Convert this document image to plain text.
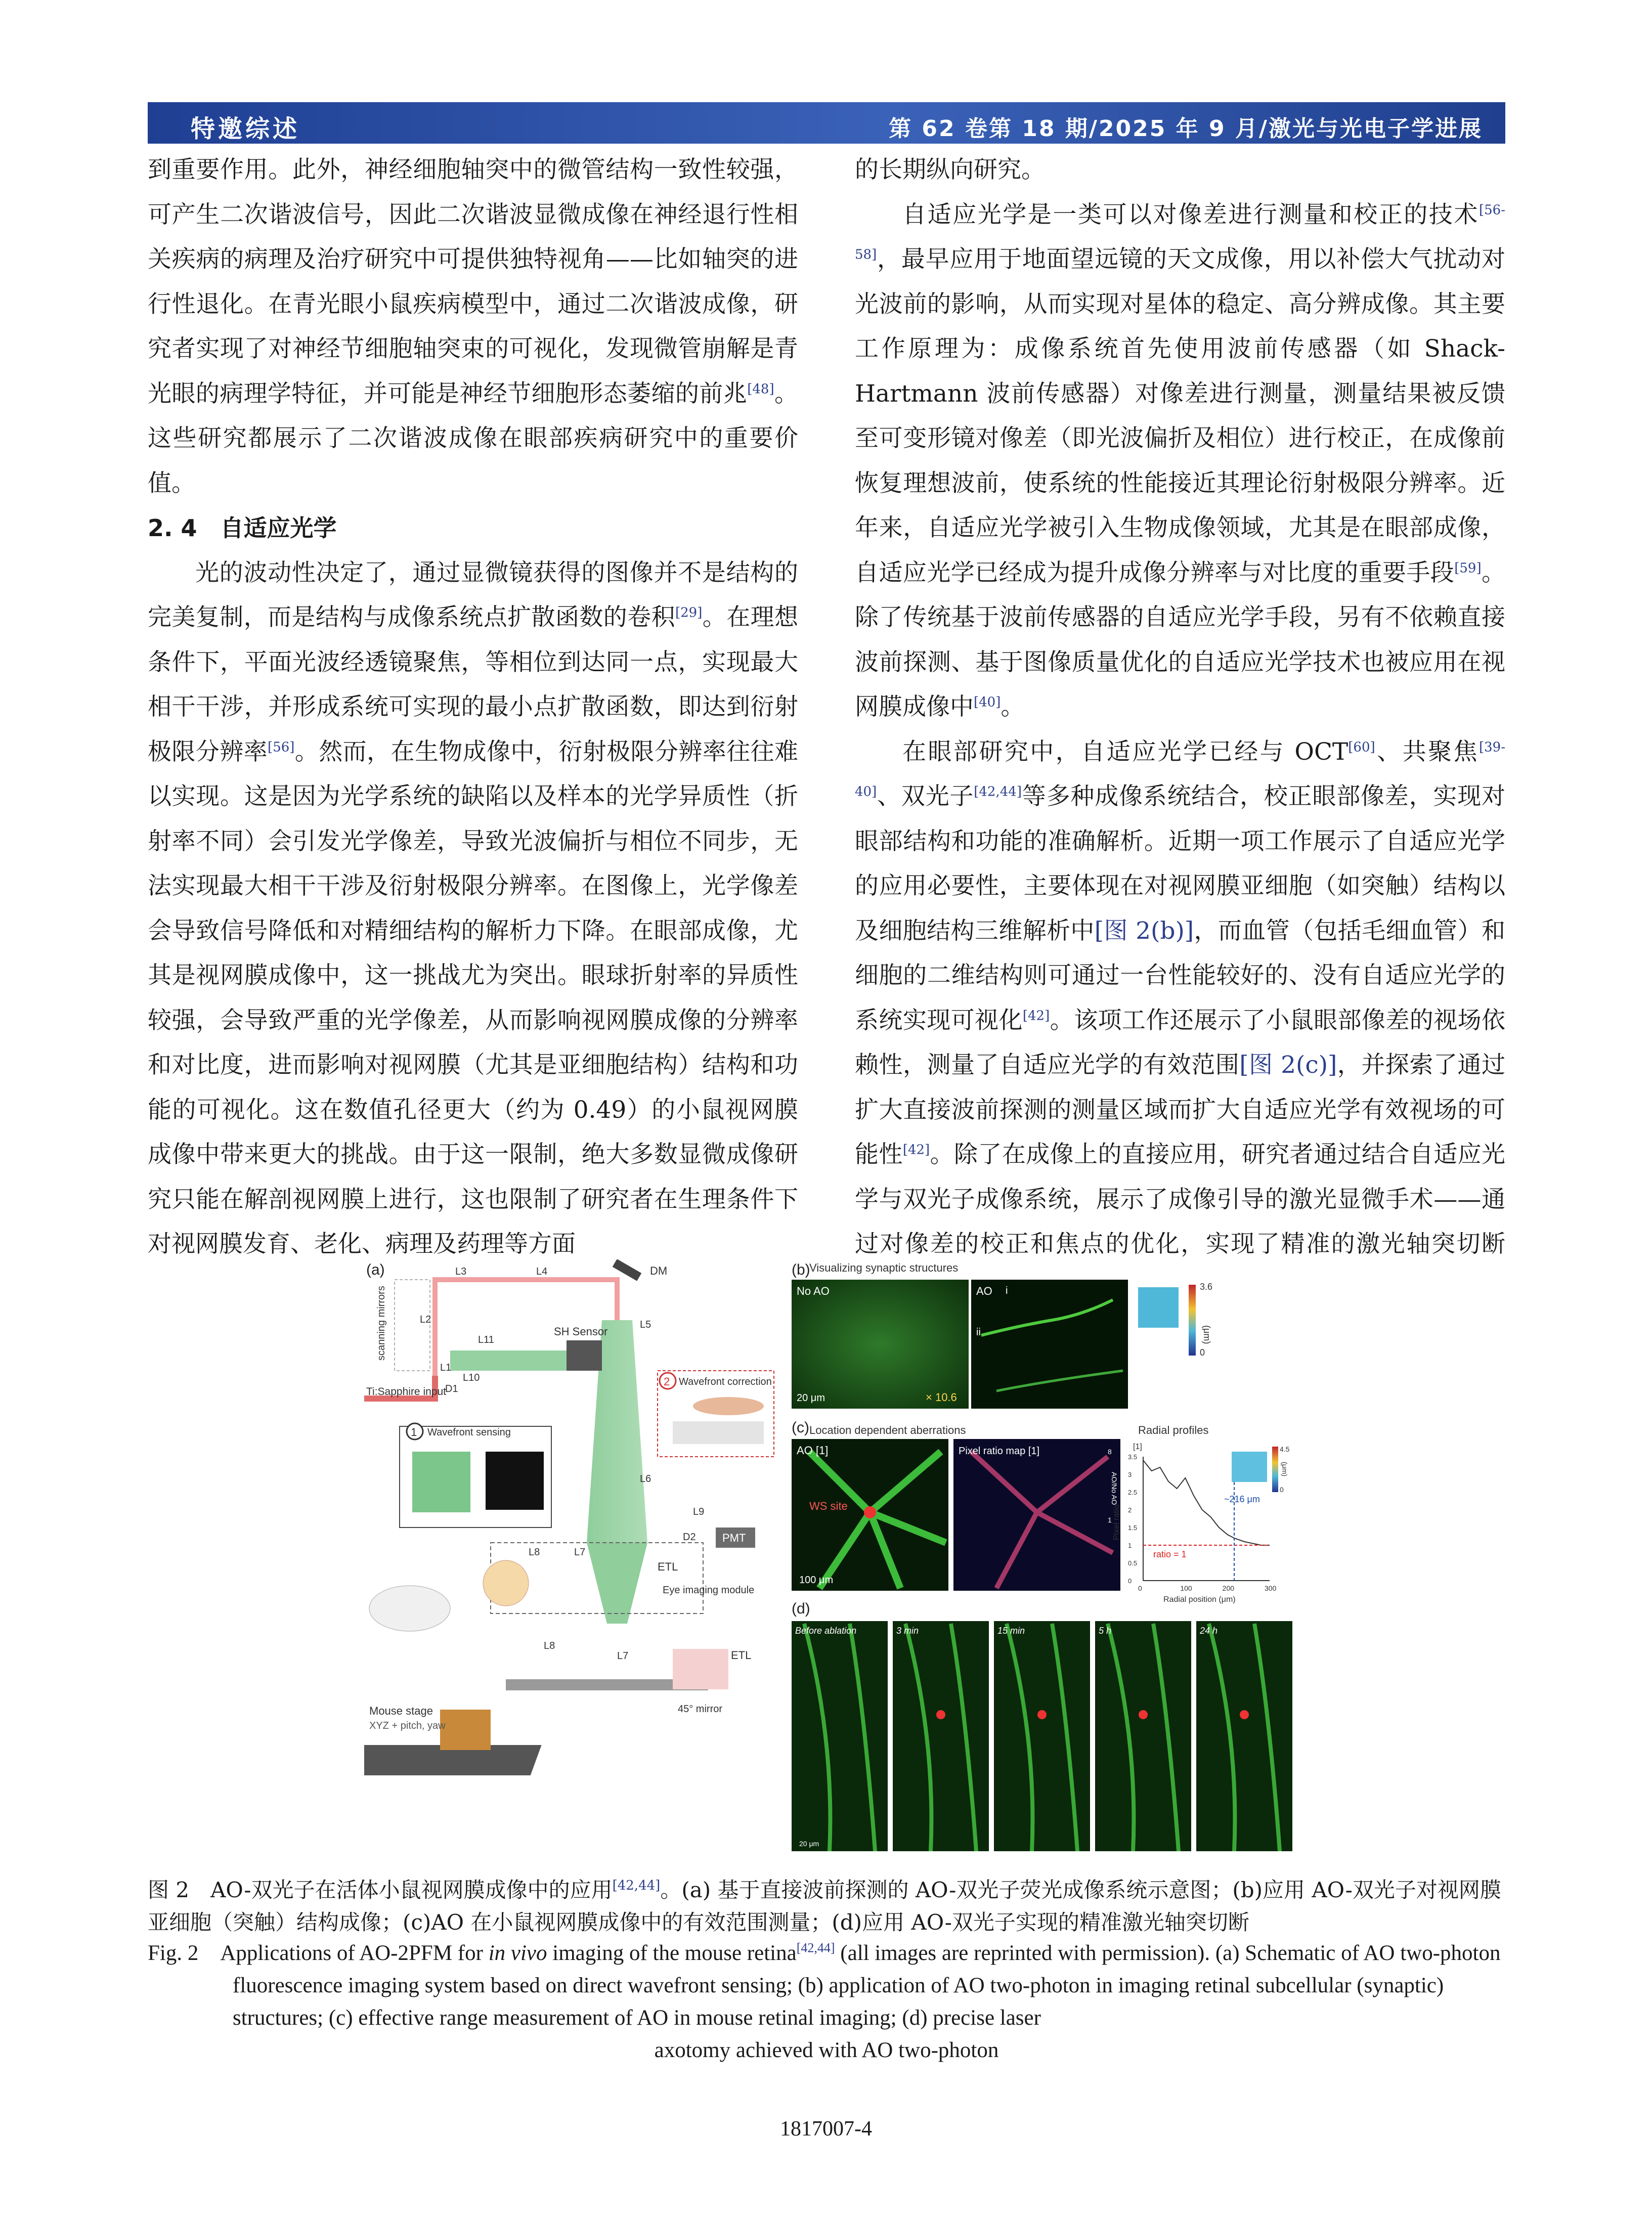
特邀综述	第 62 卷第 18 期/2025 年 9 月/激光与光电子学进展

到重要作用。此外，神经细胞轴突中的微管结构一致性较强，可产生二次谐波信号，因此二次谐波显微成像在神经退行性相关疾病的病理及治疗研究中可提供独特视角——比如轴突的进行性退化。在青光眼小鼠疾病模型中，通过二次谐波成像，研究者实现了对神经节细胞轴突束的可视化，发现微管崩解是青光眼的病理学特征，并可能是神经节细胞形态萎缩的前兆[48]。这些研究都展示了二次谐波成像在眼部疾病研究中的重要价值。

2. 4　自适应光学

光的波动性决定了，通过显微镜获得的图像并不是结构的完美复制，而是结构与成像系统点扩散函数的卷积[29]。在理想条件下，平面光波经透镜聚焦，等相位到达同一点，实现最大相干干涉，并形成系统可实现的最小点扩散函数，即达到衍射极限分辨率[56]。然而，在生物成像中，衍射极限分辨率往往难以实现。这是因为光学系统的缺陷以及样本的光学异质性（折射率不同）会引发光学像差，导致光波偏折与相位不同步，无法实现最大相干干涉及衍射极限分辨率。在图像上，光学像差会导致信号降低和对精细结构的解析力下降。在眼部成像，尤其是视网膜成像中，这一挑战尤为突出。眼球折射率的异质性较强，会导致严重的光学像差，从而影响视网膜成像的分辨率和对比度，进而影响对视网膜（尤其是亚细胞结构）结构和功能的可视化。这在数值孔径更大（约为 0.49）的小鼠视网膜成像中带来更大的挑战。由于这一限制，绝大多数显微成像研究只能在解剖视网膜上进行，这也限制了研究者在生理条件下对视网膜发育、老化、病理及药理等方面

的长期纵向研究。

自适应光学是一类可以对像差进行测量和校正的技术[56-58]，最早应用于地面望远镜的天文成像，用以补偿大气扰动对光波前的影响，从而实现对星体的稳定、高分辨成像。其主要工作原理为：成像系统首先使用波前传感器（如 Shack-Hartmann 波前传感器）对像差进行测量，测量结果被反馈至可变形镜对像差（即光波偏折及相位）进行校正，在成像前恢复理想波前，使系统的性能接近其理论衍射极限分辨率。近年来，自适应光学被引入生物成像领域，尤其是在眼部成像，自适应光学已经成为提升成像分辨率与对比度的重要手段[59]。除了传统基于波前传感器的自适应光学手段，另有不依赖直接波前探测、基于图像质量优化的自适应光学技术也被应用在视网膜成像中[40]。

在眼部研究中，自适应光学已经与 OCT[60]、共聚焦[39-40]、双光子[42,44]等多种成像系统结合，校正眼部像差，实现对眼部结构和功能的准确解析。近期一项工作展示了自适应光学的应用必要性，主要体现在对视网膜亚细胞（如突触）结构以及细胞结构三维解析中[图 2(b)]，而血管（包括毛细血管）和细胞的二维结构则可通过一台性能较好的、没有自适应光学的系统实现可视化[42]。该项工作还展示了小鼠眼部像差的视场依赖性，测量了自适应光学的有效范围[图 2(c)]，并探索了通过扩大直接波前探测的测量区域而扩大自适应光学有效视场的可能性[42]。除了在成像上的直接应用，研究者通过结合自适应光学与双光子成像系统，展示了成像引导的激光显微手术——通过对像差的校正和焦点的优化，实现了精准的激光轴突切断

(a)
scanning mirrors
Ti:Sapphire input
DM
SH Sensor
L1
L2
L3	L4
L5
L6
L7
L8
L9
L10
L11
D1
D2 PMT
ETL
2 Wavefront correction
1 Wavefront sensing
Eye imaging module
Mouse stage
XYZ + pitch, yaw
45° mirror
ETL
L8
L7
(b)
Visualizing synaptic structures
No AO
20 μm	× 10.6
AO i
ii
3.6
0
(μm)
(c) Location dependent aberrations	Radial profiles
AO [1]
WS site
100 μm
Pixel ratio map [1]	8
1
AO/No AO
[1]
Radial position (μm)
Pixel ratio
ratio = 1
~216 μm
0	100	200	300
0
0.5
1
1.5
2
2.5
3
3.5
4.5
0
(μm)
(d)
Before ablation	3 min	15 min	5 h	24 h
20 μm
图 2　AO-双光子在活体小鼠视网膜成像中的应用[42,44]。(a) 基于直接波前探测的 AO-双光子荧光成像系统示意图；(b)应用 AO-双光子对视网膜亚细胞（突触）结构成像；(c)AO 在小鼠视网膜成像中的有效范围测量；(d)应用 AO-双光子实现的精准激光轴突切断
Fig. 2　Applications of AO-2PFM for in vivo imaging of the mouse retina[42,44] (all images are reprinted with permission). (a) Schematic of AO two-photon fluorescence imaging system based on direct wavefront sensing; (b) application of AO two-photon in imaging retinal subcellular (synaptic) structures; (c) effective range measurement of AO in mouse retinal imaging; (d) precise laser
axotomy achieved with AO two-photon
1817007-4
